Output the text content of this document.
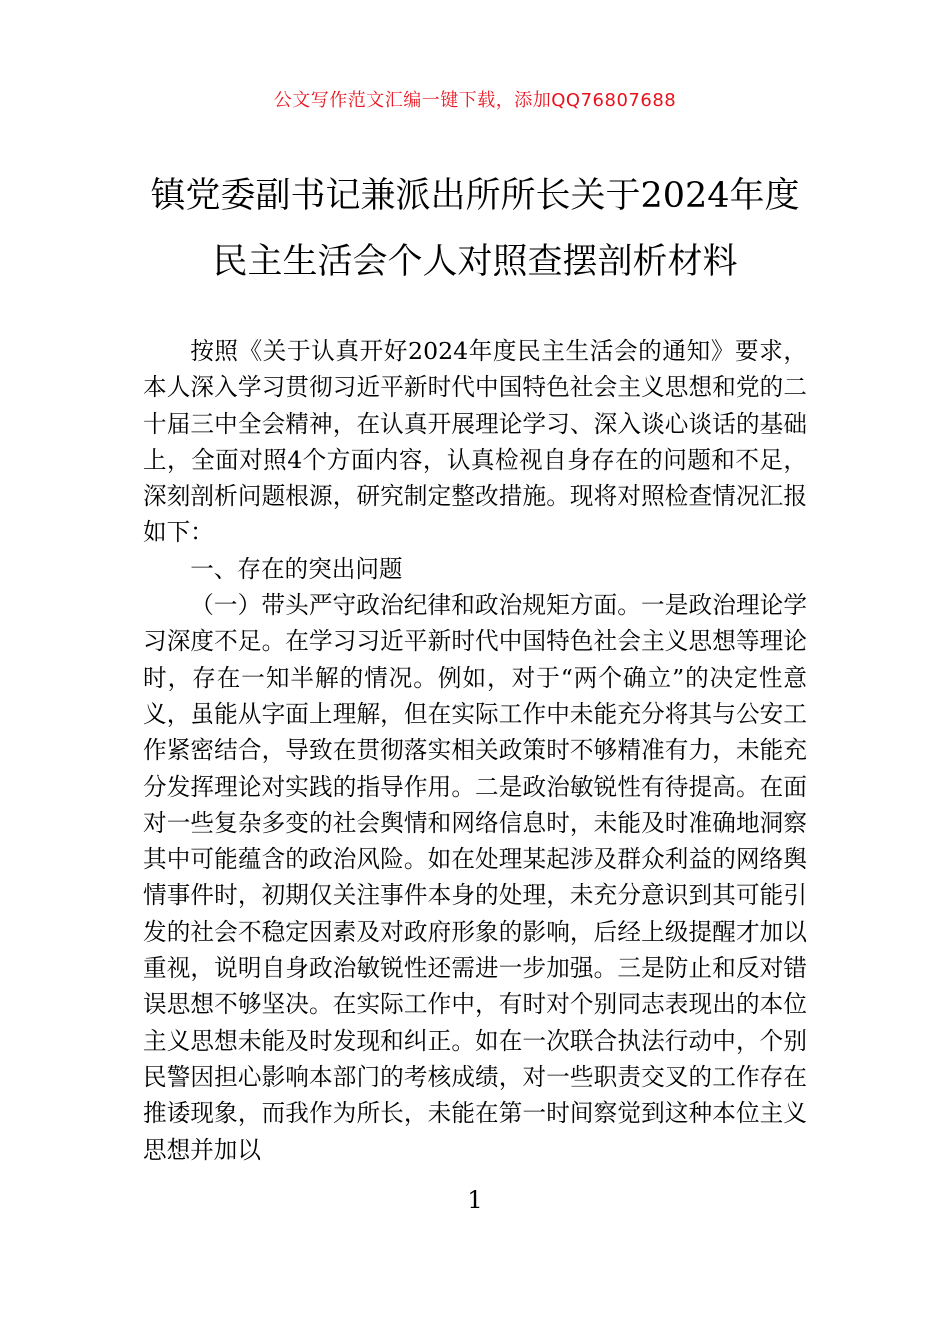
公文写作范文汇编一键下载，添加QQ76807688
镇党委副书记兼派出所所长关于2024年度
民主生活会个人对照查摆剖析材料

按照《关于认真开好2024年度民主生活会的通知》要求，本人深入学习贯彻习近平新时代中国特色社会主义思想和党的二十届三中全会精神，在认真开展理论学习、深入谈心谈话的基础上，全面对照4个方面内容，认真检视自身存在的问题和不足，深刻剖析问题根源，研究制定整改措施。现将对照检查情况汇报如下：

一、存在的突出问题

（一）带头严守政治纪律和政治规矩方面。一是政治理论学习深度不足。在学习习近平新时代中国特色社会主义思想等理论时，存在一知半解的情况。例如，对于“两个确立”的决定性意义，虽能从字面上理解，但在实际工作中未能充分将其与公安工作紧密结合，导致在贯彻落实相关政策时不够精准有力，未能充分发挥理论对实践的指导作用。二是政治敏锐性有待提高。在面对一些复杂多变的社会舆情和网络信息时，未能及时准确地洞察其中可能蕴含的政治风险。如在处理某起涉及群众利益的网络舆情事件时，初期仅关注事件本身的处理，未充分意识到其可能引发的社会不稳定因素及对政府形象的影响，后经上级提醒才加以重视，说明自身政治敏锐性还需进一步加强。三是防止和反对错误思想不够坚决。在实际工作中，有时对个别同志表现出的本位主义思想未能及时发现和纠正。如在一次联合执法行动中，个别民警因担心影响本部门的考核成绩，对一些职责交叉的工作存在推诿现象，而我作为所长，未能在第一时间察觉到这种本位主义思想并加以

1
